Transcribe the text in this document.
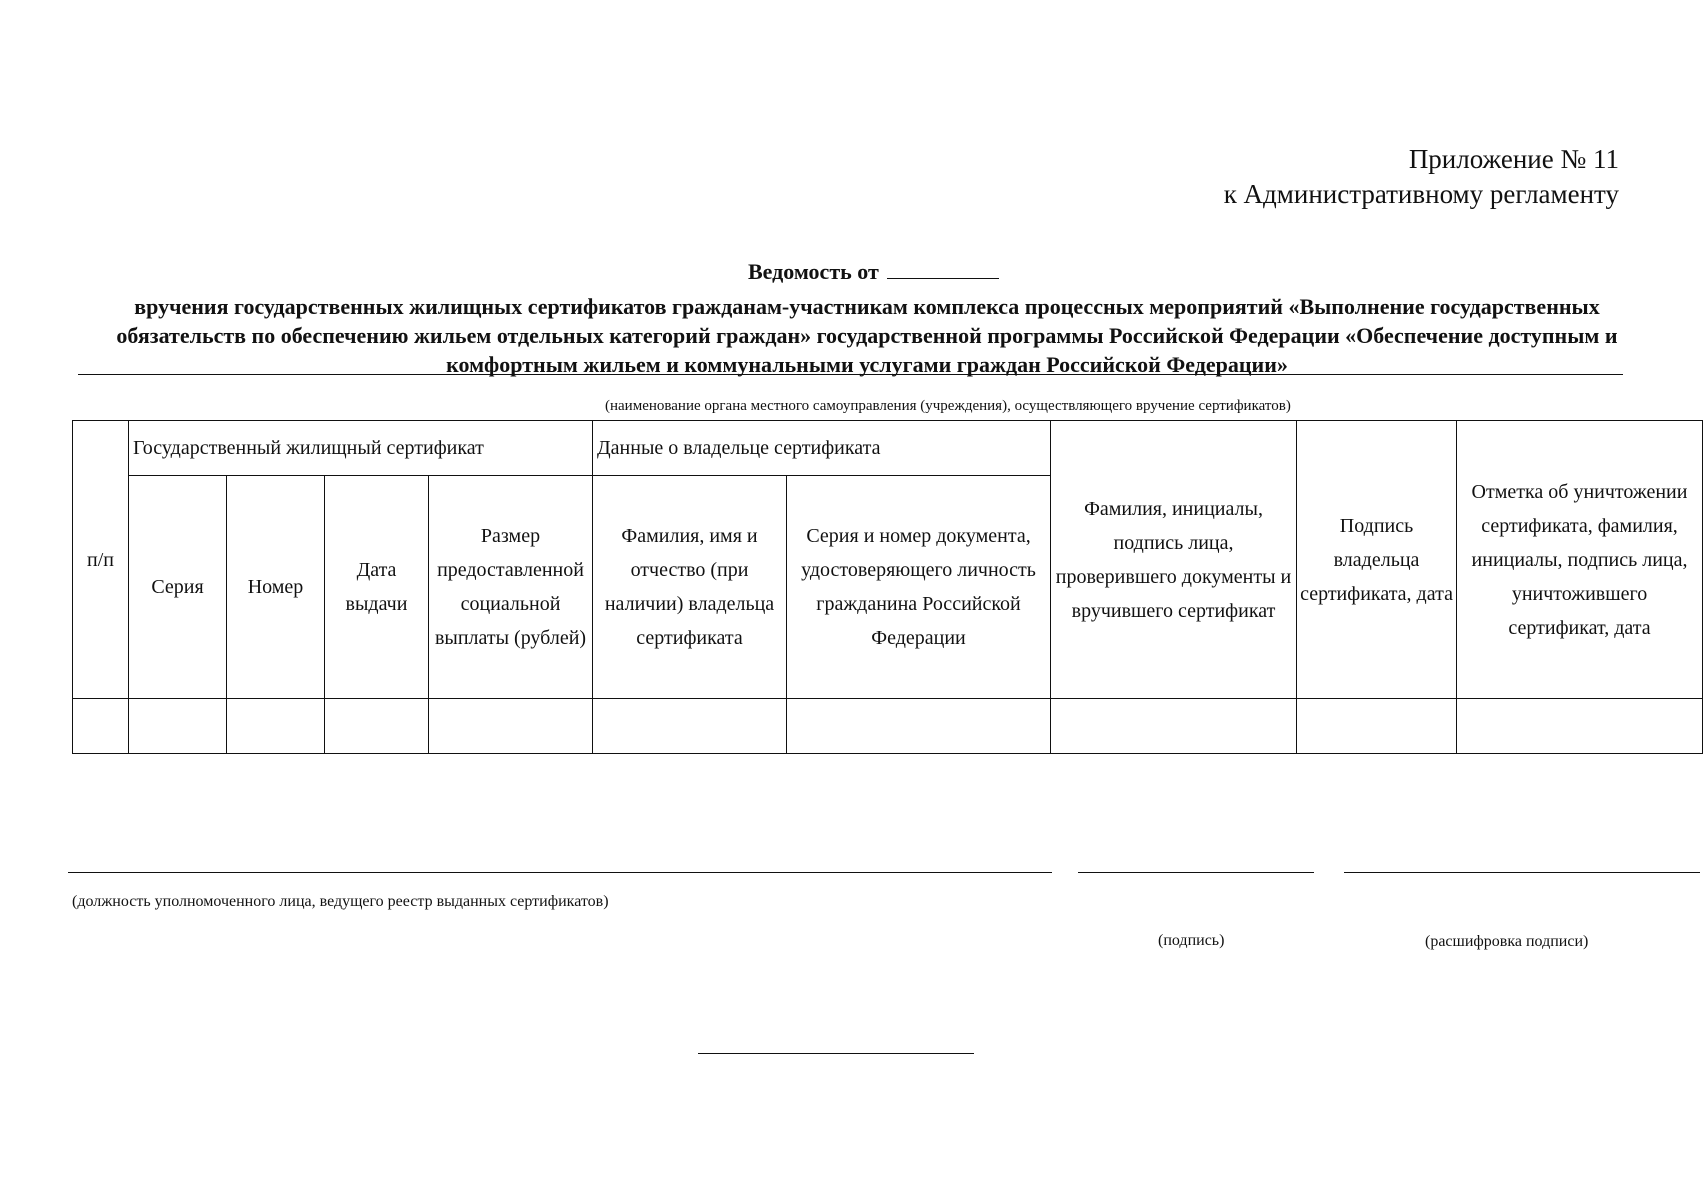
Приложение № 11
к Административному регламенту
Ведомость от
вручения государственных жилищных сертификатов гражданам-участникам комплекса процессных мероприятий «Выполнение государственных обязательств по обеспечению жильем отдельных категорий граждан» государственной программы Российской Федерации «Обеспечение доступным и комфортным жильем и коммунальными услугами граждан Российской Федерации»
(наименование органа местного самоуправления (учреждения), осуществляющего вручение сертификатов)
п/п	Государственный жилищный сертификат				Данные о владельце сертификата		Фамилия, инициалы, подпись лица, проверившего документы и вручившего сертификат	Подпись владельца сертификата, дата	Отметка об уничтожении сертификата, фамилия, инициалы, подпись лица, уничтожившего сертификат, дата
	Серия	Номер	Дата выдачи	Размер предоставленной социальной выплаты (рублей)	Фамилия, имя и отчество (при наличии) владельца сертификата	Серия и номер документа, удостоверяющего личность гражданина Российской Федерации			

(должность уполномоченного лица, ведущего реестр выданных сертификатов)
(подпись)	(расшифровка подписи)
